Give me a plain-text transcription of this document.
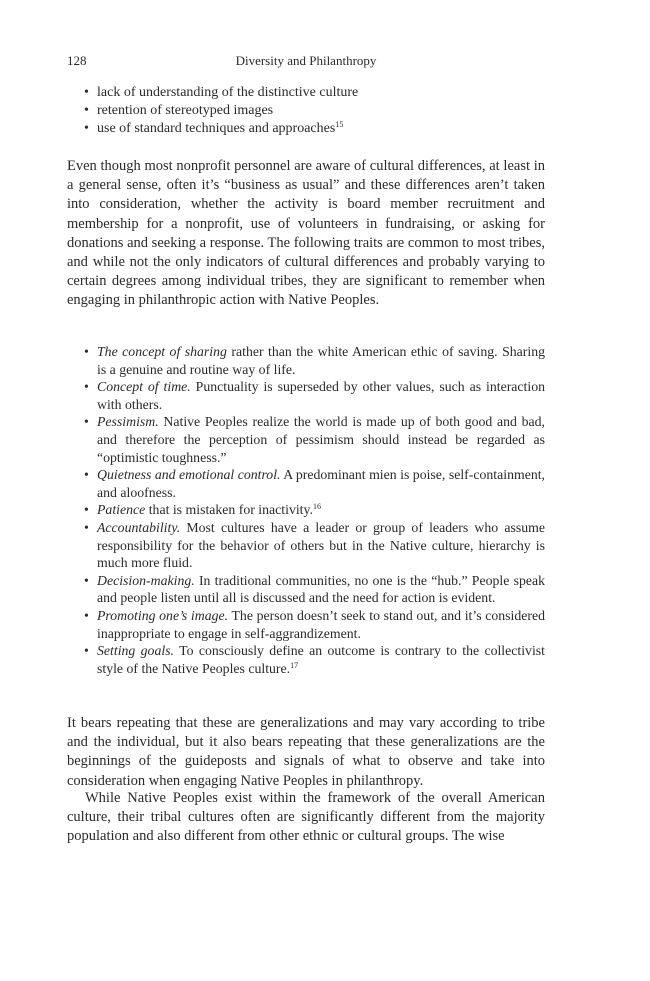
128	Diversity and Philanthropy
• lack of understanding of the distinctive culture
• retention of stereotyped images
• use of standard techniques and approaches$^{15}$

Even though most nonprofit personnel are aware of cultural differences, at least in a general sense, often it’s “business as usual” and these differences aren’t taken into consideration, whether the activity is board member recruitment and membership for a nonprofit, use of volunteers in fundraising, or asking for donations and seeking a response. The following traits are common to most tribes, and while not the only indicators of cultural differences and probably varying to certain degrees among individual tribes, they are significant to remember when engaging in philanthropic action with Native Peoples.

• The concept of sharing rather than the white American ethic of saving. Sharing is a genuine and routine way of life.
• Concept of time. Punctuality is superseded by other values, such as interaction with others.
• Pessimism. Native Peoples realize the world is made up of both good and bad, and therefore the perception of pessimism should instead be regarded as “optimistic toughness.”
• Quietness and emotional control. A predominant mien is poise, self-containment, and aloofness.
• Patience that is mistaken for inactivity.$^{16}$
• Accountability. Most cultures have a leader or group of leaders who assume responsibility for the behavior of others but in the Native culture, hierarchy is much more fluid.
• Decision-making. In traditional communities, no one is the “hub.” People speak and people listen until all is discussed and the need for action is evident.
• Promoting one’s image. The person doesn’t seek to stand out, and it’s considered inappropriate to engage in self-aggrandizement.
• Setting goals. To consciously define an outcome is contrary to the collectivist style of the Native Peoples culture.$^{17}$

It bears repeating that these are generalizations and may vary according to tribe and the individual, but it also bears repeating that these generalizations are the beginnings of the guideposts and signals of what to observe and take into consideration when engaging Native Peoples in philanthropy.

While Native Peoples exist within the framework of the overall American culture, their tribal cultures often are significantly different from the majority population and also different from other ethnic or cultural groups. The wise
